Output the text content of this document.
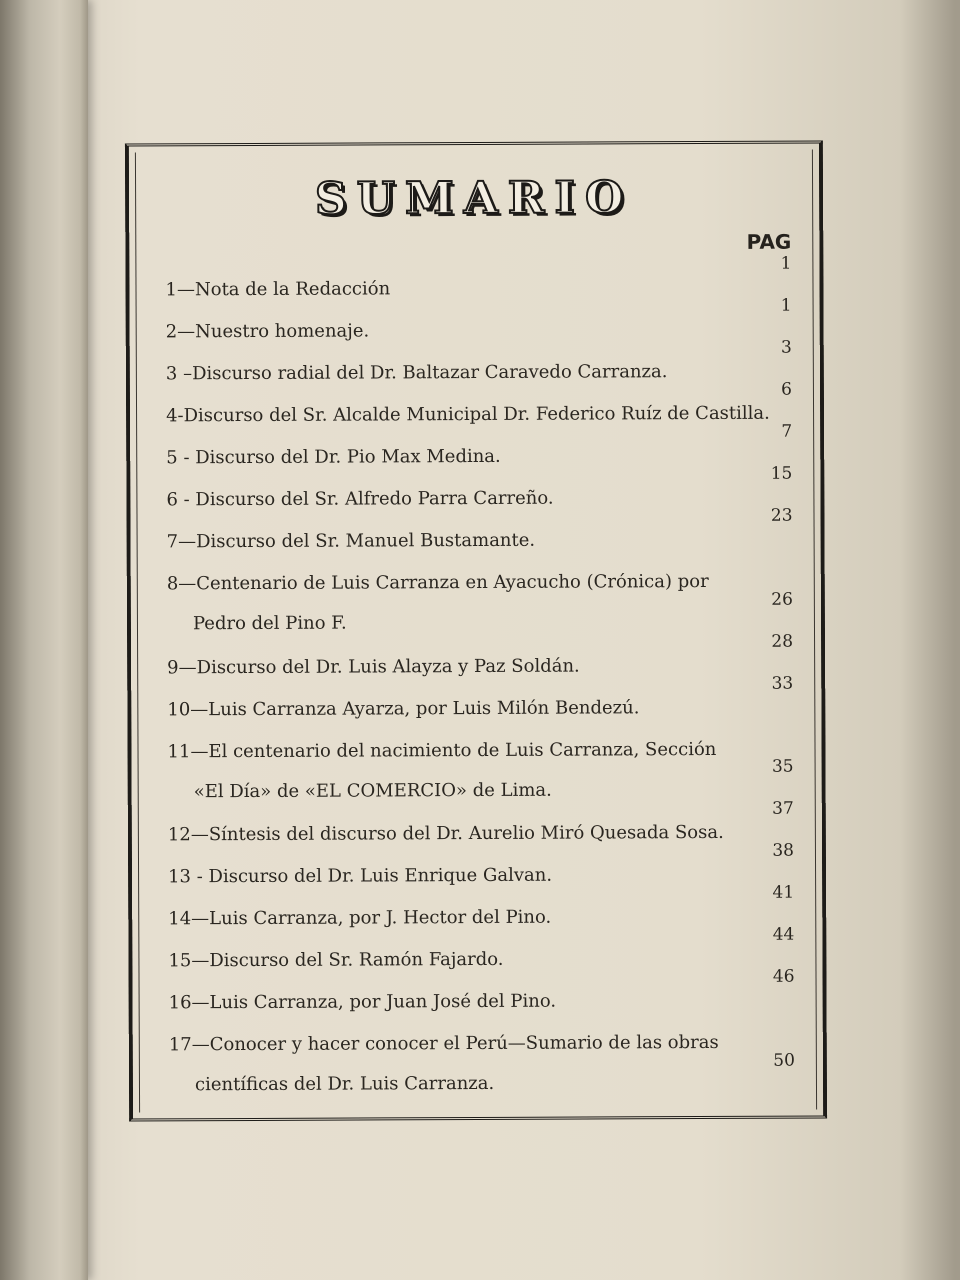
SUMARIO
PAG
1—Nota de la Redacción
1
2—Nuestro homenaje.
1
3 –Discurso radial del Dr. Baltazar Caravedo Carranza.
3
4-Discurso del Sr. Alcalde Municipal Dr. Federico Ruíz de Castilla.
6
5 - Discurso del Dr. Pio Max Medina.
7
6 - Discurso del Sr. Alfredo Parra Carreño.
15
7—Discurso del Sr. Manuel Bustamante.
23
8—Centenario de Luis Carranza en Ayacucho (Crónica) por
Pedro del Pino F.
26
9—Discurso del Dr. Luis Alayza y Paz Soldán.
28
10—Luis Carranza Ayarza, por Luis Milón Bendezú.
33
11—El centenario del nacimiento de Luis Carranza, Sección
«El Día» de «EL COMERCIO» de Lima.
35
12—Síntesis del discurso del Dr. Aurelio Miró Quesada Sosa.
37
13 - Discurso del Dr. Luis Enrique Galvan.
38
14—Luis Carranza, por J. Hector del Pino.
41
15—Discurso del Sr. Ramón Fajardo.
44
16—Luis Carranza, por Juan José del Pino.
46
17—Conocer y hacer conocer el Perú—Sumario de las obras
científicas del Dr. Luis Carranza.
50
